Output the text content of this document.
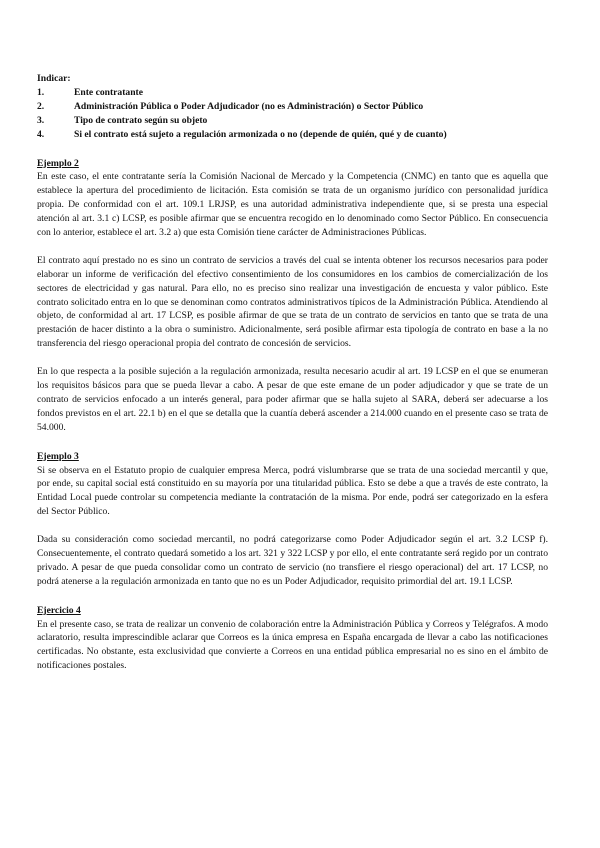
Indicar:

1.	Ente contratante
2.	Administración Pública o Poder Adjudicador (no es Administración) o Sector Público
3.	Tipo de contrato según su objeto
4.	Si el contrato está sujeto a regulación armonizada o no (depende de quién, qué y de cuanto)

Ejemplo 2

En este caso, el ente contratante sería la Comisión Nacional de Mercado y la Competencia (CNMC) en tanto que es aquella que establece la apertura del procedimiento de licitación. Esta comisión se trata de un organismo jurídico con personalidad jurídica propia. De conformidad con el art. 109.1 LRJSP, es una autoridad administrativa independiente que, si se presta una especial atención al art. 3.1 c) LCSP, es posible afirmar que se encuentra recogido en lo denominado como Sector Público. En consecuencia con lo anterior, establece el art. 3.2 a) que esta Comisión tiene carácter de Administraciones Públicas.

El contrato aquí prestado no es sino un contrato de servicios a través del cual se intenta obtener los recursos necesarios para poder elaborar un informe de verificación del efectivo consentimiento de los consumidores en los cambios de comercialización de los sectores de electricidad y gas natural. Para ello, no es preciso sino realizar una investigación de encuesta y valor público. Este contrato solicitado entra en lo que se denominan como contratos administrativos típicos de la Administración Pública. Atendiendo al objeto, de conformidad al art. 17 LCSP, es posible afirmar de que se trata de un contrato de servicios en tanto que se trata de una prestación de hacer distinto a la obra o suministro. Adicionalmente, será posible afirmar esta tipología de contrato en base a la no transferencia del riesgo operacional propia del contrato de concesión de servicios.

En lo que respecta a la posible sujeción a la regulación armonizada, resulta necesario acudir al art. 19 LCSP en el que se enumeran los requisitos básicos para que se pueda llevar a cabo. A pesar de que este emane de un poder adjudicador y que se trate de un contrato de servicios enfocado a un interés general, para poder afirmar que se halla sujeto al SARA, deberá ser adecuarse a los fondos previstos en el art. 22.1 b) en el que se detalla que la cuantía deberá ascender a 214.000 cuando en el presente caso se trata de 54.000.

Ejemplo 3

Si se observa en el Estatuto propio de cualquier empresa Merca, podrá vislumbrarse que se trata de una sociedad mercantil y que, por ende, su capital social está constituido en su mayoría por una titularidad pública. Esto se debe a que a través de este contrato, la Entidad Local puede controlar su competencia mediante la contratación de la misma. Por ende, podrá ser categorizado en la esfera del Sector Público.

Dada su consideración como sociedad mercantil, no podrá categorizarse como Poder Adjudicador según el art. 3.2 LCSP f). Consecuentemente, el contrato quedará sometido a los art. 321 y 322 LCSP y por ello, el ente contratante será regido por un contrato privado. A pesar de que pueda consolidar como un contrato de servicio (no transfiere el riesgo operacional) del art. 17 LCSP, no podrá atenerse a la regulación armonizada en tanto que no es un Poder Adjudicador, requisito primordial del art. 19.1 LCSP.

Ejercicio 4

En el presente caso, se trata de realizar un convenio de colaboración entre la Administración Pública y Correos y Telégrafos. A modo aclaratorio, resulta imprescindible aclarar que Correos es la única empresa en España encargada de llevar a cabo las notificaciones certificadas. No obstante, esta exclusividad que convierte a Correos en una entidad pública empresarial no es sino en el ámbito de notificaciones postales.
